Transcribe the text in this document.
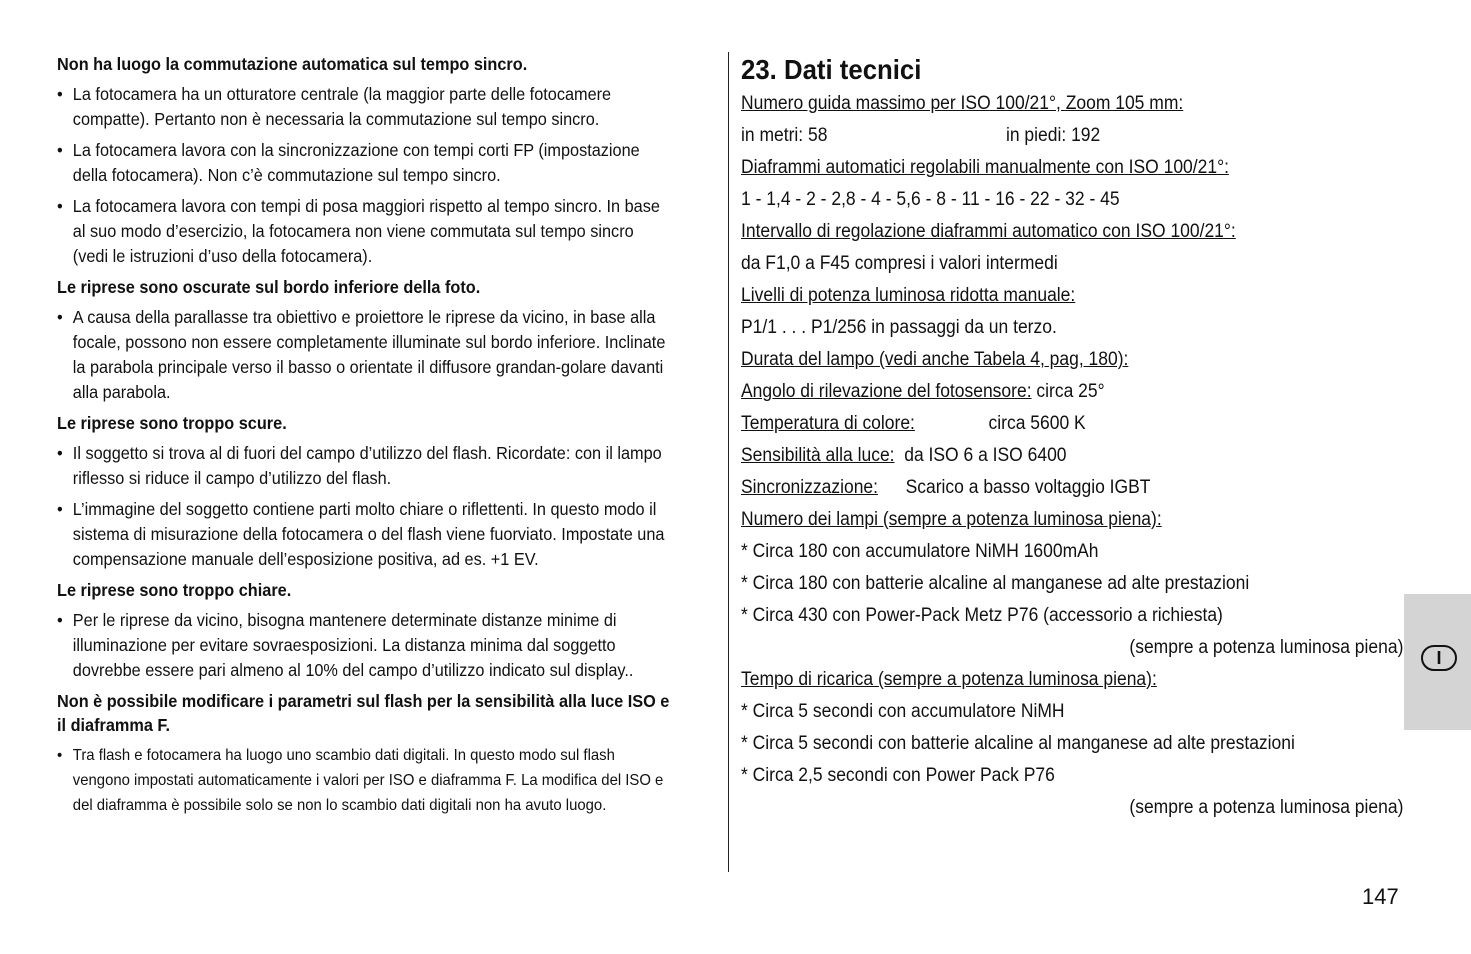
Non ha luogo la commutazione automatica sul tempo sincro.
• La fotocamera ha un otturatore centrale (la maggior parte delle fotocamere compatte). Pertanto non è necessaria la commutazione sul tempo sincro.
• La fotocamera lavora con la sincronizzazione con tempi corti FP (impostazione della fotocamera). Non c’è commutazione sul tempo sincro.
• La fotocamera lavora con tempi di posa maggiori rispetto al tempo sincro. In base al suo modo d’esercizio, la fotocamera non viene commutata sul tempo sincro (vedi le istruzioni d’uso della fotocamera).
Le riprese sono oscurate sul bordo inferiore della foto.
• A causa della parallasse tra obiettivo e proiettore le riprese da vicino, in base alla focale, possono non essere completamente illuminate sul bordo inferiore. Inclinate la parabola principale verso il basso o orientate il diffusore grandan-golare davanti alla parabola.
Le riprese sono troppo scure.
• Il soggetto si trova al di fuori del campo d’utilizzo del flash. Ricordate: con il lampo riflesso si riduce il campo d’utilizzo del flash.
• L’immagine del soggetto contiene parti molto chiare o riflettenti. In questo modo il sistema di misurazione della fotocamera o del flash viene fuorviato. Impostate una compensazione manuale dell’esposizione positiva, ad es. +1 EV.
Le riprese sono troppo chiare.
• Per le riprese da vicino, bisogna mantenere determinate distanze minime di illuminazione per evitare sovraesposizioni. La distanza minima dal soggetto dovrebbe essere pari almeno al 10% del campo d’utilizzo indicato sul display..
Non è possibile modificare i parametri sul flash per la sensibilità alla luce ISO e il diaframma F.
• Tra flash e fotocamera ha luogo uno scambio dati digitali. In questo modo sul flash vengono impostati automaticamente i valori per ISO e diaframma F. La modifica del ISO e del diaframma è possibile solo se non lo scambio dati digitali non ha avuto luogo.
23. Dati tecnici
Numero guida massimo per ISO 100/21°, Zoom 105 mm:
in metri: 58	in piedi: 192
Diaframmi automatici regolabili manualmente con ISO 100/21°:
1 - 1,4 - 2 - 2,8 - 4 - 5,6 - 8 - 11 - 16 - 22 - 32 - 45
Intervallo di regolazione diaframmi automatico con ISO 100/21°:
da F1,0 a F45 compresi i valori intermedi
Livelli di potenza luminosa ridotta manuale:
P1/1 . . . P1/256 in passaggi da un terzo.
Durata del lampo (vedi anche Tabela 4, pag, 180):
Angolo di rilevazione del fotosensore: circa 25°
Temperatura di colore:	circa 5600 K
Sensibilità alla luce: da ISO 6 a ISO 6400
Sincronizzazione: Scarico a basso voltaggio IGBT
Numero dei lampi (sempre a potenza luminosa piena):
* Circa 180 con accumulatore NiMH 1600mAh
* Circa 180 con batterie alcaline al manganese ad alte prestazioni
* Circa 430 con Power-Pack Metz P76 (accessorio a richiesta)
(sempre a potenza luminosa piena)
Tempo di ricarica (sempre a potenza luminosa piena):
* Circa 5 secondi con accumulatore NiMH
* Circa 5 secondi con batterie alcaline al manganese ad alte prestazioni
* Circa 2,5 secondi con Power Pack P76
(sempre a potenza luminosa piena)
I
147
